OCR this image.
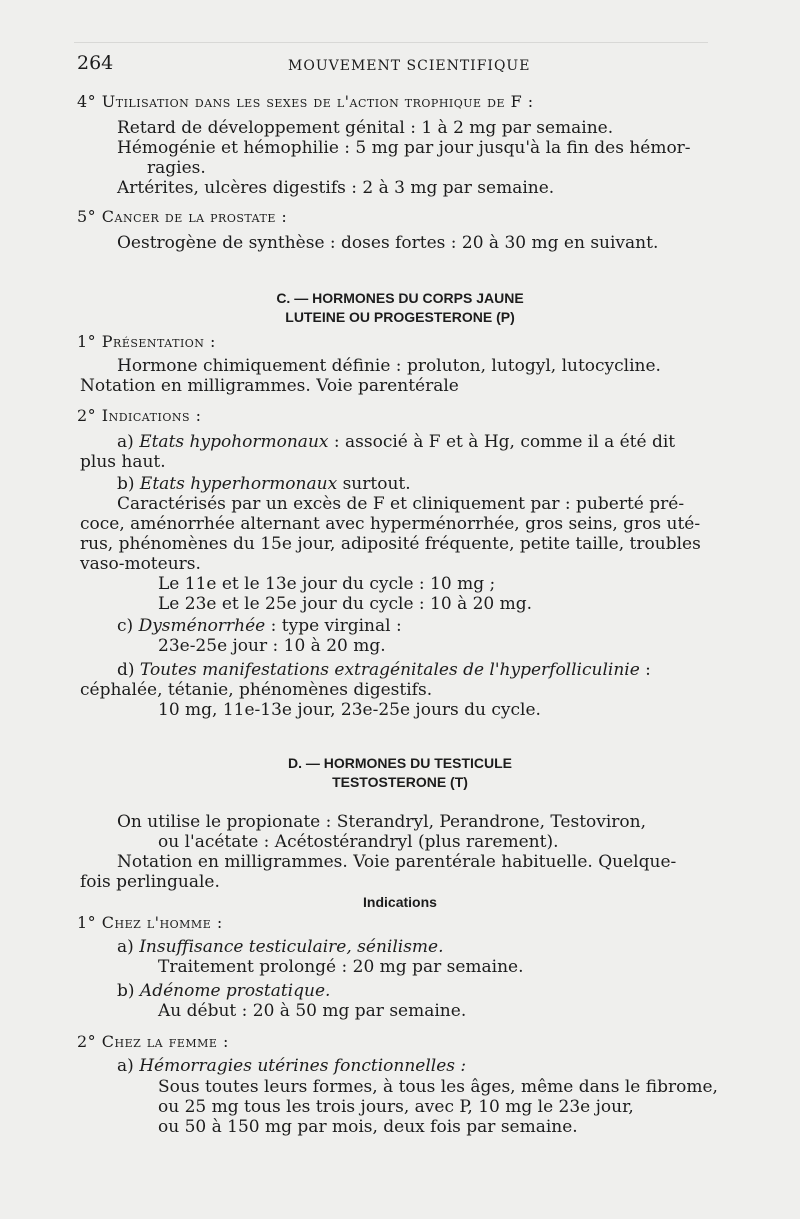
264	MOUVEMENT SCIENTIFIQUE
4° Utilisation dans les sexes de l'action trophique de F :
Retard de développement génital : 1 à 2 mg par semaine.
Hémogénie et hémophilie : 5 mg par jour jusqu'à la fin des hémor-
ragies.
Artérites, ulcères digestifs : 2 à 3 mg par semaine.
5° Cancer de la prostate :
Oestrogène de synthèse : doses fortes : 20 à 30 mg en suivant.
C. — HORMONES DU CORPS JAUNE
LUTEINE OU PROGESTERONE (P)
1° Présentation :
Hormone chimiquement définie : proluton, lutogyl, lutocycline.
Notation en milligrammes. Voie parentérale
2° Indications :
a) Etats hypohormonaux : associé à F et à Hg, comme il a été dit
plus haut.
b) Etats hyperhormonaux surtout.
Caractérisés par un excès de F et cliniquement par : puberté pré-
coce, aménorrhée alternant avec hyperménorrhée, gros seins, gros uté-
rus, phénomènes du 15e jour, adiposité fréquente, petite taille, troubles
vaso-moteurs.
Le 11e et le 13e jour du cycle : 10 mg ;
Le 23e et le 25e jour du cycle : 10 à 20 mg.
c) Dysménorrhée : type virginal :
23e-25e jour : 10 à 20 mg.
d) Toutes manifestations extragénitales de l'hyperfolliculinie :
céphalée, tétanie, phénomènes digestifs.
10 mg, 11e-13e jour, 23e-25e jours du cycle.
D. — HORMONES DU TESTICULE
TESTOSTERONE (T)
On utilise le propionate : Sterandryl, Perandrone, Testoviron,
ou l'acétate : Acétostérandryl (plus rarement).
Notation en milligrammes. Voie parentérale habituelle. Quelque-
fois perlinguale.
Indications
1° Chez l'homme :
a) Insuffisance testiculaire, sénilisme.
Traitement prolongé : 20 mg par semaine.
b) Adénome prostatique.
Au début : 20 à 50 mg par semaine.
2° Chez la femme :
a) Hémorragies utérines fonctionnelles :
Sous toutes leurs formes, à tous les âges, même dans le fibrome,
ou 25 mg tous les trois jours, avec P, 10 mg le 23e jour,
ou 50 à 150 mg par mois, deux fois par semaine.
